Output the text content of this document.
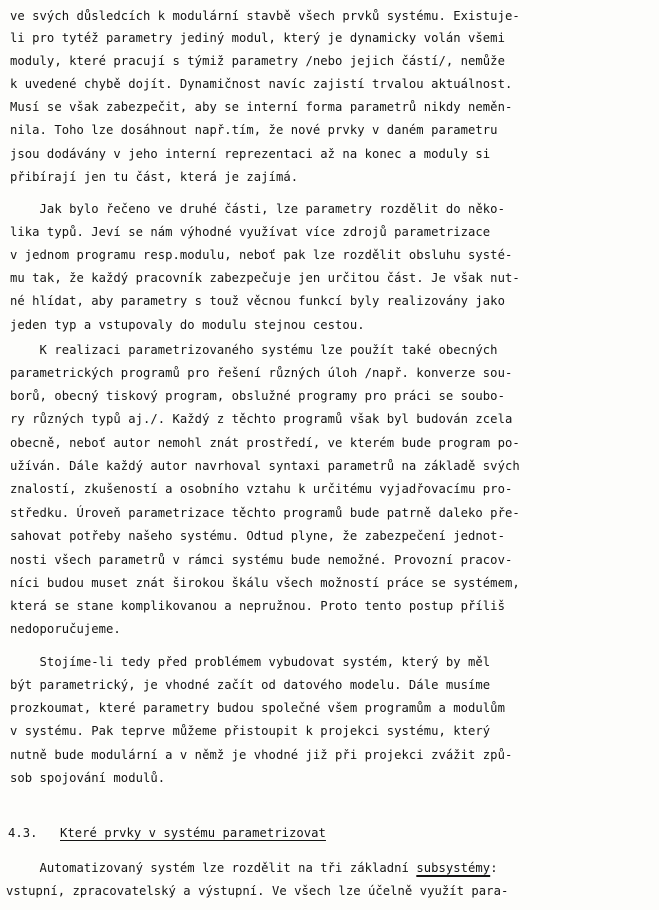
ve svých důsledcích k modulární stavbě všech prvků systému. Existuje-
li pro tytéž parametry jediný modul, který je dynamicky volán všemi
moduly, které pracují s týmiž parametry /nebo jejich částí/, nemůže
k uvedené chybě dojít. Dynamičnost navíc zajistí trvalou aktuálnost.
Musí se však zabezpečit, aby se interní forma parametrů nikdy neměn-
nila. Toho lze dosáhnout např.tím, že nové prvky v daném parametru
jsou dodávány v jeho interní reprezentaci až na konec a moduly si
přibírají jen tu část, která je zajímá.
Jak bylo řečeno ve druhé části, lze parametry rozdělit do něko-
lika typů. Jeví se nám výhodné využívat více zdrojů parametrizace
v jednom programu resp.modulu, neboť pak lze rozdělit obsluhu systé-
mu tak, že každý pracovník zabezpečuje jen určitou část. Je však nut-
né hlídat, aby parametry s touž věcnou funkcí byly realizovány jako
jeden typ a vstupovaly do modulu stejnou cestou.
K realizaci parametrizovaného systému lze použít také obecných
parametrických programů pro řešení různých úloh /např. konverze sou-
borů, obecný tiskový program, obslužné programy pro práci se soubo-
ry různých typů aj./. Každý z těchto programů však byl budován zcela
obecně, neboť autor nemohl znát prostředí, ve kterém bude program po-
užíván. Dále každý autor navrhoval syntaxi parametrů na základě svých
znalostí, zkušeností a osobního vztahu k určitému vyjadřovacímu pro-
středku. Úroveň parametrizace těchto programů bude patrně daleko pře-
sahovat potřeby našeho systému. Odtud plyne, že zabezpečení jednot-
nosti všech parametrů v rámci systému bude nemožné. Provozní pracov-
níci budou muset znát širokou škálu všech možností práce se systémem,
která se stane komplikovanou a nepružnou. Proto tento postup příliš
nedoporučujeme.
Stojíme-li tedy před problémem vybudovat systém, který by měl
být parametrický, je vhodné začít od datového modelu. Dále musíme
prozkoumat, které parametry budou společné všem programům a modulům
v systému. Pak teprve můžeme přistoupit k projekci systému, který
nutně bude modulární a v němž je vhodné již při projekci zvážit způ-
sob spojování modulů.
4.3. Které prvky v systému parametrizovat
Automatizovaný systém lze rozdělit na tři základní subsystémy:
vstupní, zpracovatelský a výstupní. Ve všech lze účelně využít para-
